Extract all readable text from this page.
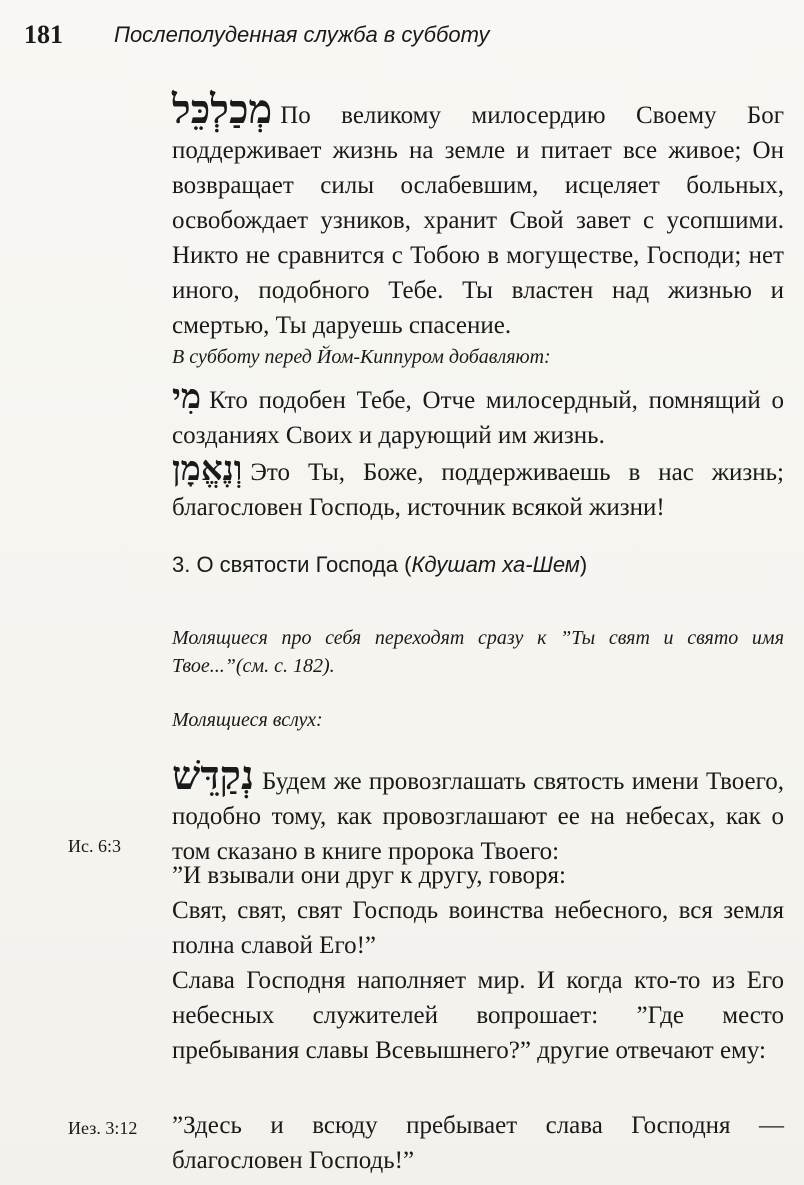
181 Послеполуденная служба в субботу
מְכַלְכֵּל По великому милосердию Своему Бог поддерживает жизнь на земле и питает все живое; Он возвращает силы ослабевшим, исцеляет больных, освобождает узников, хранит Свой завет с усопшими. Никто не сравнится с Тобою в могуществе, Господи; нет иного, подобного Тебе. Ты властен над жизнью и смертью, Ты даруешь спасение.
В субботу перед Йом-Киппуром добавляют:
מִי Кто подобен Тебе, Отче милосердный, помнящий о созданиях Своих и дарующий им жизнь.
וְנֶאֱמָן Это Ты, Боже, поддерживаешь в нас жизнь; благословен Господь, источник всякой жизни!
3. О святости Господа (Кдушат ха-Шем)
Молящиеся про себя переходят сразу к ”Ты свят и свято имя Твое...”(см. с. 182).
Молящиеся вслух:
נְקַדֵּשׁ Будем же провозглашать святость имени Твоего, подобно тому, как провозглашают ее на небесах, как о том сказано в книге пророка Твоего:
Ис. 6:3
”И взывали они друг к другу, говоря:
Свят, свят, свят Господь воинства небесного, вся земля полна славой Его!”
Слава Господня наполняет мир. И когда кто-то из Его небесных служителей вопрошает: ”Где место пребывания славы Всевышнего?” другие отвечают ему:
Иез. 3:12 ”Здесь и всюду пребывает слава Господня — благословен Господь!”
